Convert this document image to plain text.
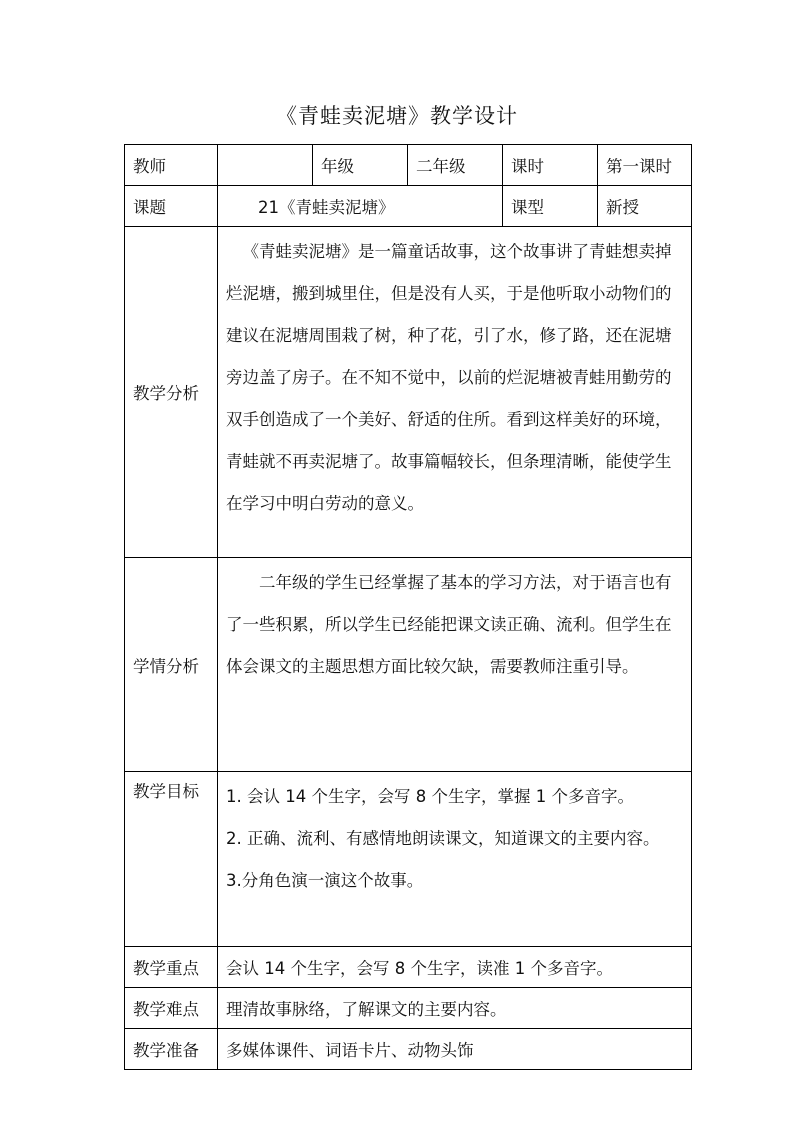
《青蛙卖泥塘》教学设计
教师		年级	二年级	课时	第一课时
课题	21《青蛙卖泥塘》			课型	新授
教学分析	《青蛙卖泥塘》是一篇童话故事，这个故事讲了青蛙想卖掉烂泥塘，搬到城里住，但是没有人买，于是他听取小动物们的建议在泥塘周围栽了树，种了花，引了水，修了路，还在泥塘旁边盖了房子。在不知不觉中，以前的烂泥塘被青蛙用勤劳的双手创造成了一个美好、舒适的住所。看到这样美好的环境，青蛙就不再卖泥塘了。故事篇幅较长，但条理清晰，能使学生在学习中明白劳动的意义。				

学情分析	二年级的学生已经掌握了基本的学习方法，对于语言也有了一些积累，所以学生已经能把课文读正确、流利。但学生在体会课文的主题思想方面比较欠缺，需要教师注重引导。				

教学目标	1. 会认 14 个生字，会写 8 个生字，掌握 1 个多音字。

2. 正确、流利、有感情地朗读课文，知道课文的主要内容。

3.分角色演一演这个故事。				

教学重点	会认 14 个生字，会写 8 个生字，读准 1 个多音字。				
教学难点	理清故事脉络，了解课文的主要内容。				
教学准备	多媒体课件、词语卡片、动物头饰				
